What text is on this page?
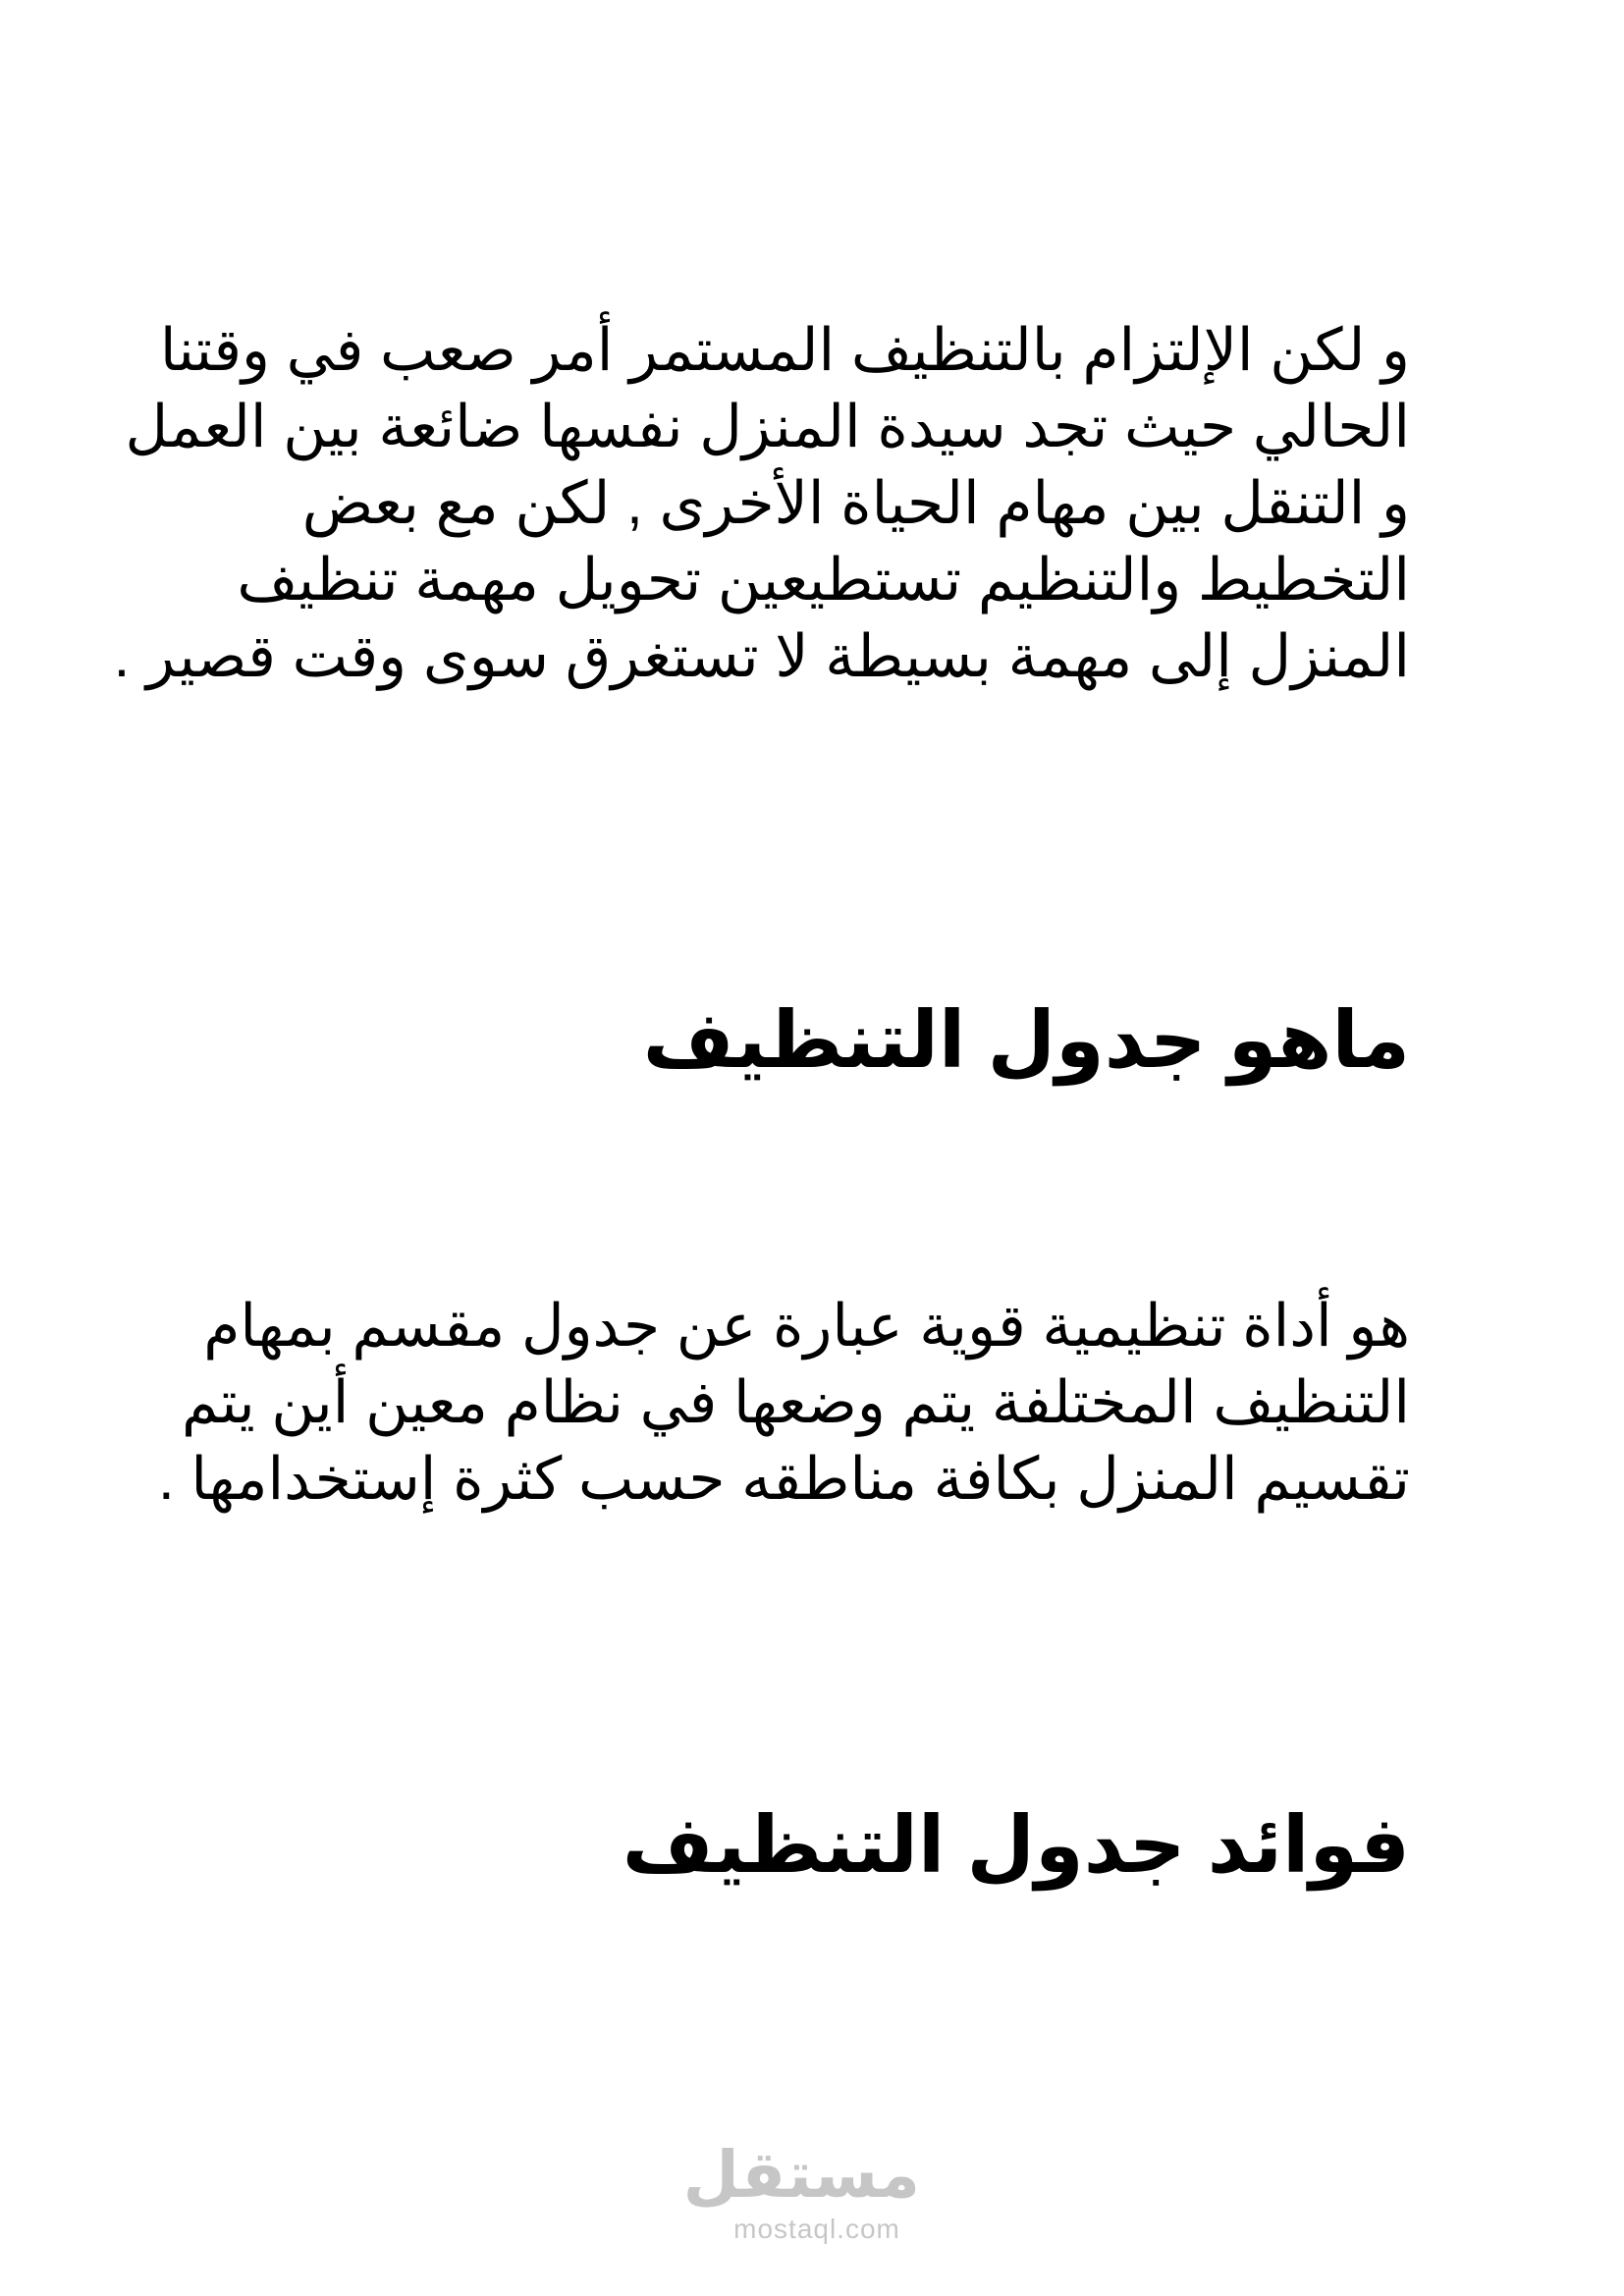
و لكن الإلتزام بالتنظيف المستمر أمر صعب في وقتنا
الحالي حيث تجد سيدة المنزل نفسها ضائعة بين العمل
و التنقل بين مهام الحياة الأخرى , لكن مع بعض
التخطيط والتنظيم تستطيعين تحويل مهمة تنظيف
المنزل إلى مهمة بسيطة لا تستغرق سوى وقت قصير .

ماهو جدول التنظيف

هو أداة تنظيمية قوية عبارة عن جدول مقسم بمهام
التنظيف المختلفة يتم وضعها في نظام معين أين يتم
تقسيم المنزل بكافة مناطقه حسب كثرة إستخدامها .

فوائد جدول التنظيف
مستقل
mostaql.com
